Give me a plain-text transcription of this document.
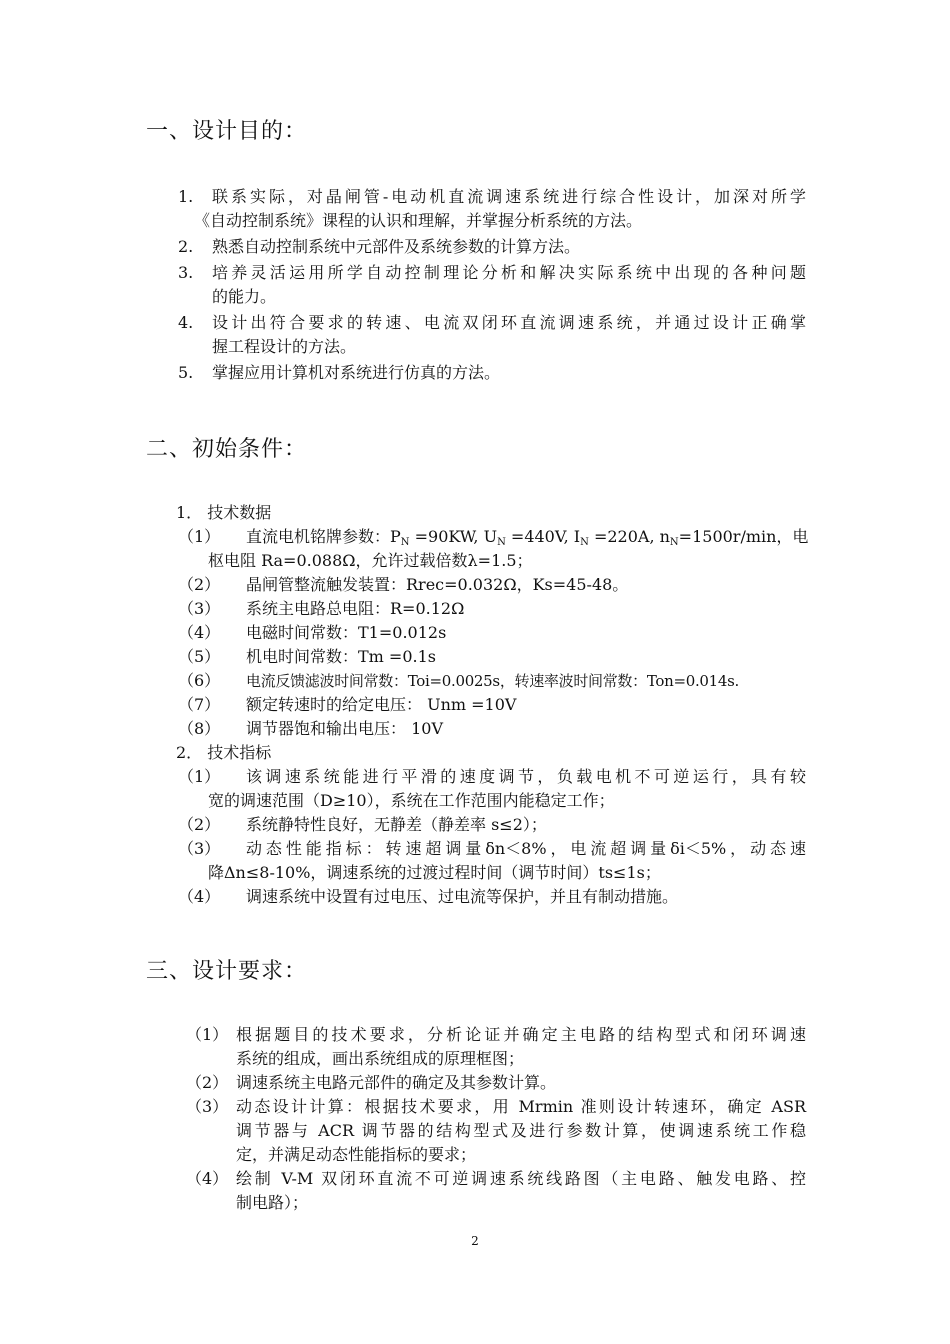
一、设计目的：
1. 联系实际，对晶闸管-电动机直流调速系统进行综合性设计，加深对所学
《自动控制系统》课程的认识和理解，并掌握分析系统的方法。
2. 熟悉自动控制系统中元部件及系统参数的计算方法。
3. 培养灵活运用所学自动控制理论分析和解决实际系统中出现的各种问题
的能力。
4. 设计出符合要求的转速、电流双闭环直流调速系统，并通过设计正确掌
握工程设计的方法。
5. 掌握应用计算机对系统进行仿真的方法。
二、初始条件：
1． 技术数据
（1） 直流电机铭牌参数：$P_N =90KW$, $U_N =440V$, $I_N =220A$, $n_N=1500r/\min$，电
枢电阻 Ra=0.088Ω，允许过载倍数λ=1.5；
（2） 晶闸管整流触发装置：Rrec=0.032Ω，Ks=45-48。
（3） 系统主电路总电阻：R=0.12Ω
（4） 电磁时间常数：T1=0.012s
（5） 机电时间常数：Tm =0.1s
（6） 电流反馈滤波时间常数：Toi=0.0025s，转速率波时间常数：Ton=0.014s.
（7） 额定转速时的给定电压： Unm =10V
（8） 调节器饱和输出电压： 10V
2． 技术指标
（1） 该调速系统能进行平滑的速度调节，负载电机不可逆运行，具有较
宽的调速范围（D≥10），系统在工作范围内能稳定工作；
（2） 系统静特性良好，无静差（静差率 s≤2）；
（3） 动态性能指标：转速超调量δn＜8%，电流超调量δi＜5%，动态速
降Δn≤8-10%，调速系统的过渡过程时间（调节时间）ts≤1s；
（4） 调速系统中设置有过电压、过电流等保护，并且有制动措施。
三、设计要求：
（1） 根据题目的技术要求，分析论证并确定主电路的结构型式和闭环调速
系统的组成，画出系统组成的原理框图；
（2） 调速系统主电路元部件的确定及其参数计算。
（3） 动态设计计算：根据技术要求，用 Mrmin 准则设计转速环，确定 ASR
调节器与 ACR 调节器的结构型式及进行参数计算，使调速系统工作稳
定，并满足动态性能指标的要求；
（4） 绘制 V-M 双闭环直流不可逆调速系统线路图（主电路、触发电路、控
制电路）；
2
